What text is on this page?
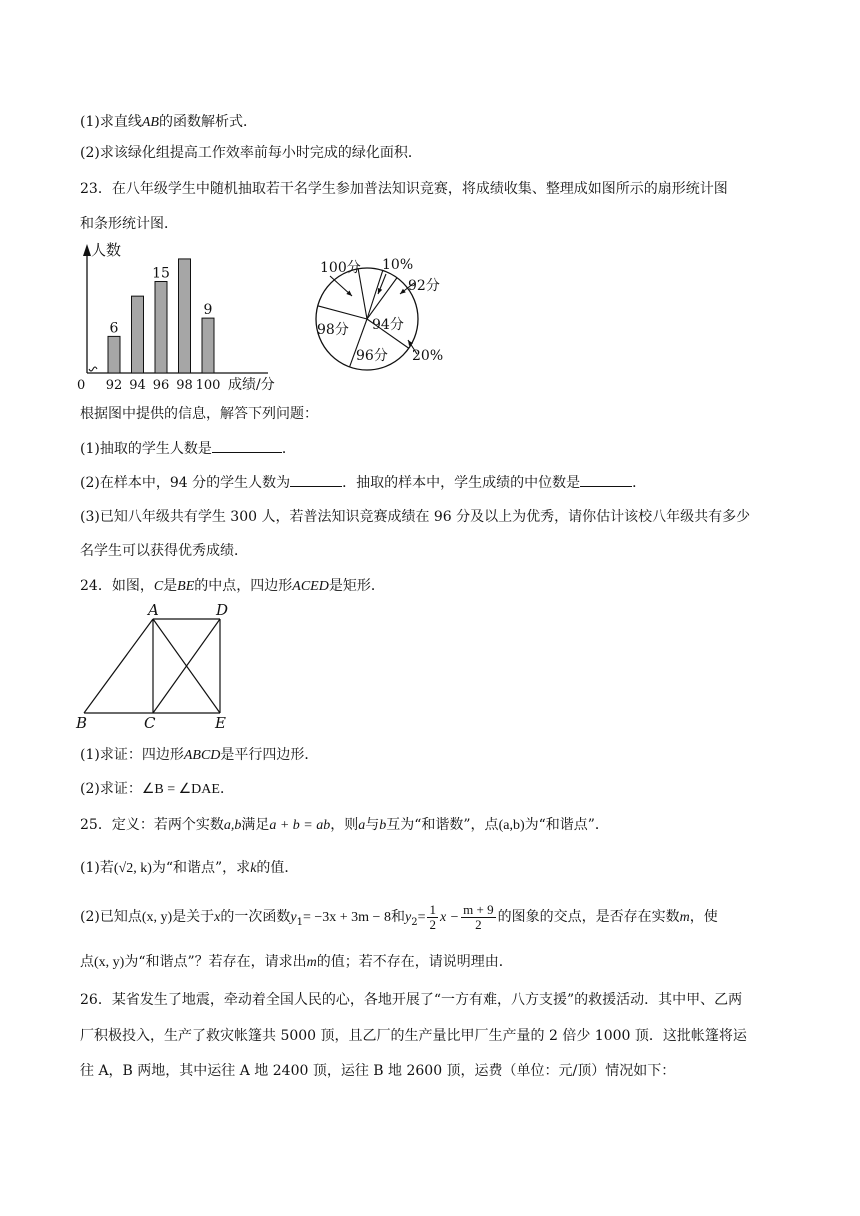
(1)求直线AB的函数解析式．
(2)求该绿化组提高工作效率前每小时完成的绿化面积．
23．在八年级学生中随机抽取若干名学生参加普法知识竞赛，将成绩收集、整理成如图所示的扇形统计图
和条形统计图．
人数
0	成绩/分
92
6
94 96
15
98 100
9
100分 10%
92分
94分
96分
98分
20%
根据图中提供的信息，解答下列问题：
(1)抽取的学生人数是	．
(2)在样本中，94 分的学生人数为	．抽取的样本中，学生成绩的中位数是	．
(3)已知八年级共有学生 300 人，若普法知识竞赛成绩在 96 分及以上为优秀，请你估计该校八年级共有多少
名学生可以获得优秀成绩．
24．如图，C是BE的中点，四边形ACED是矩形．
A	D
B	C	E
(1)求证：四边形ABCD是平行四边形．
(2)求证：∠B = ∠DAE．
25．定义：若两个实数a,b满足a + b = ab，则a与b互为“和谐数”，点(a,b)为“和谐点”．
(1)若(√2, k)为“和谐点”，求k的值．
(2)已知点(x, y)是关于x的一次函数$y_1= -3x + 3m - 8$和$y_2= \frac{1}{2}$ $x - \frac{m + 9}{2}$ 的图象的交点，是否存在实数m，使
点(x, y)为“和谐点”？若存在，请求出m的值；若不存在，请说明理由．
26．某省发生了地震，牵动着全国人民的心，各地开展了“一方有难，八方支援”的救援活动．其中甲、乙两
厂积极投入，生产了救灾帐篷共 5000 顶，且乙厂的生产量比甲厂生产量的 2 倍少 1000 顶．这批帐篷将运
往 A，B 两地，其中运往 A 地 2400 顶，运往 B 地 2600 顶，运费（单位：元/顶）情况如下：
